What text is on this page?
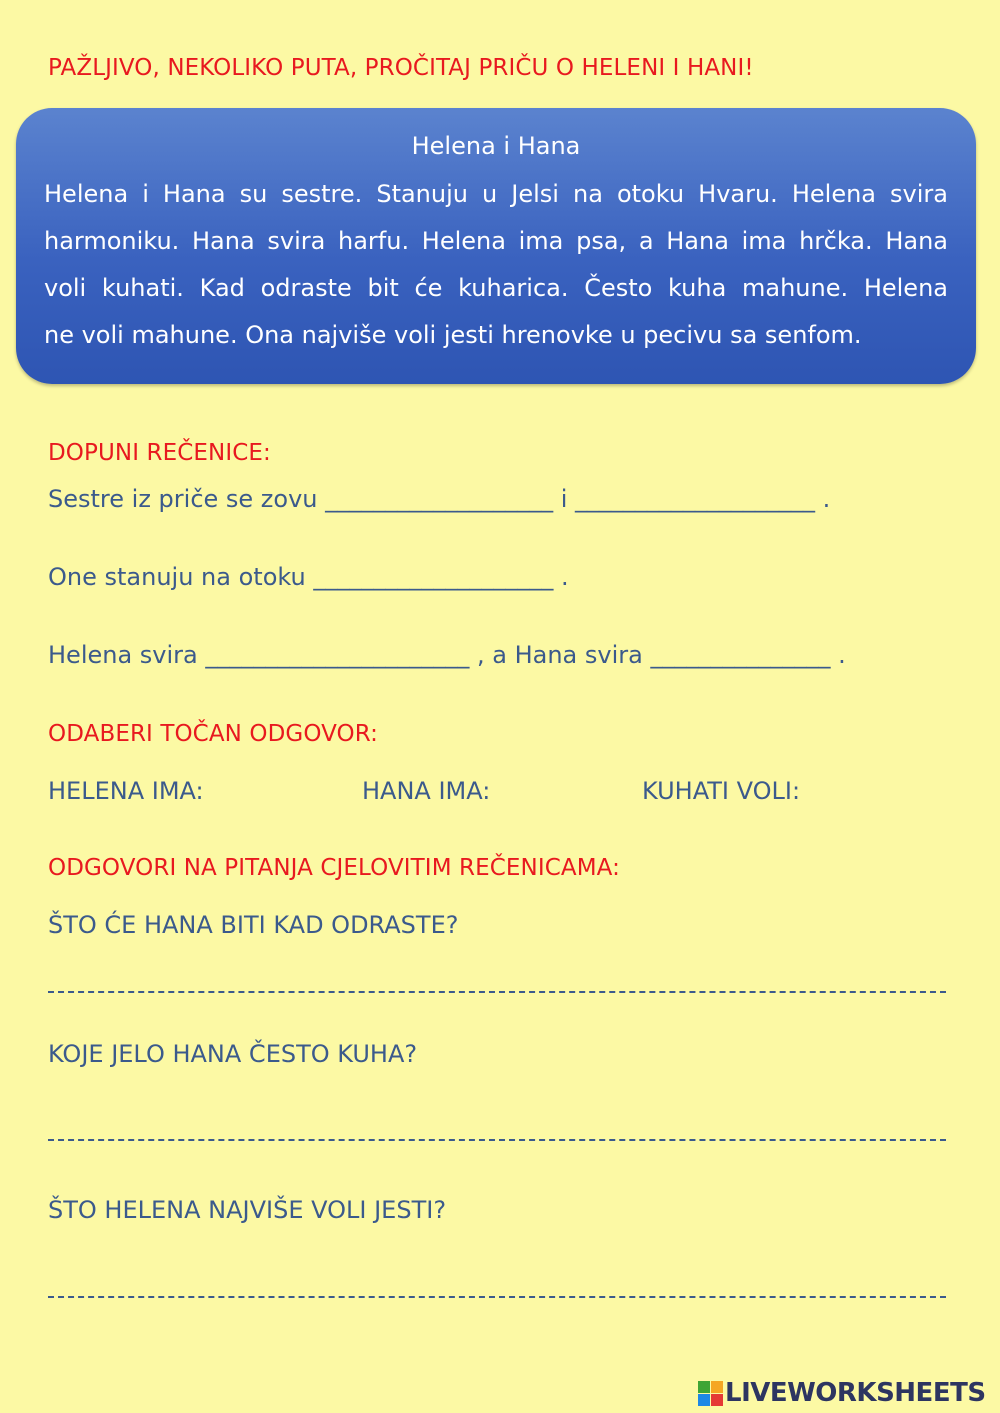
PAŽLJIVO, NEKOLIKO PUTA, PROČITAJ PRIČU O HELENI I HANI!
Helena i Hana
Helena i Hana su sestre. Stanuju u Jelsi na otoku Hvaru. Helena svira
harmoniku. Hana svira harfu. Helena ima psa, a Hana ima hrčka. Hana
voli kuhati. Kad odraste bit će kuharica. Često kuha mahune. Helena
ne voli mahune. Ona najviše voli jesti hrenovke u pecivu sa senfom.
DOPUNI REČENICE:
Sestre iz priče se zovu ___________________ i ____________________ .
One stanuju na otoku ____________________ .
Helena svira ______________________ , a Hana svira _______________ .
ODABERI TOČAN ODGOVOR:
HELENA IMA:	HANA IMA:	KUHATI VOLI:
ODGOVORI NA PITANJA CJELOVITIM REČENICAMA:
ŠTO ĆE HANA BITI KAD ODRASTE?
KOJE JELO HANA ČESTO KUHA?
ŠTO HELENA NAJVIŠE VOLI JESTI?
LIVEWORKSHEETS
